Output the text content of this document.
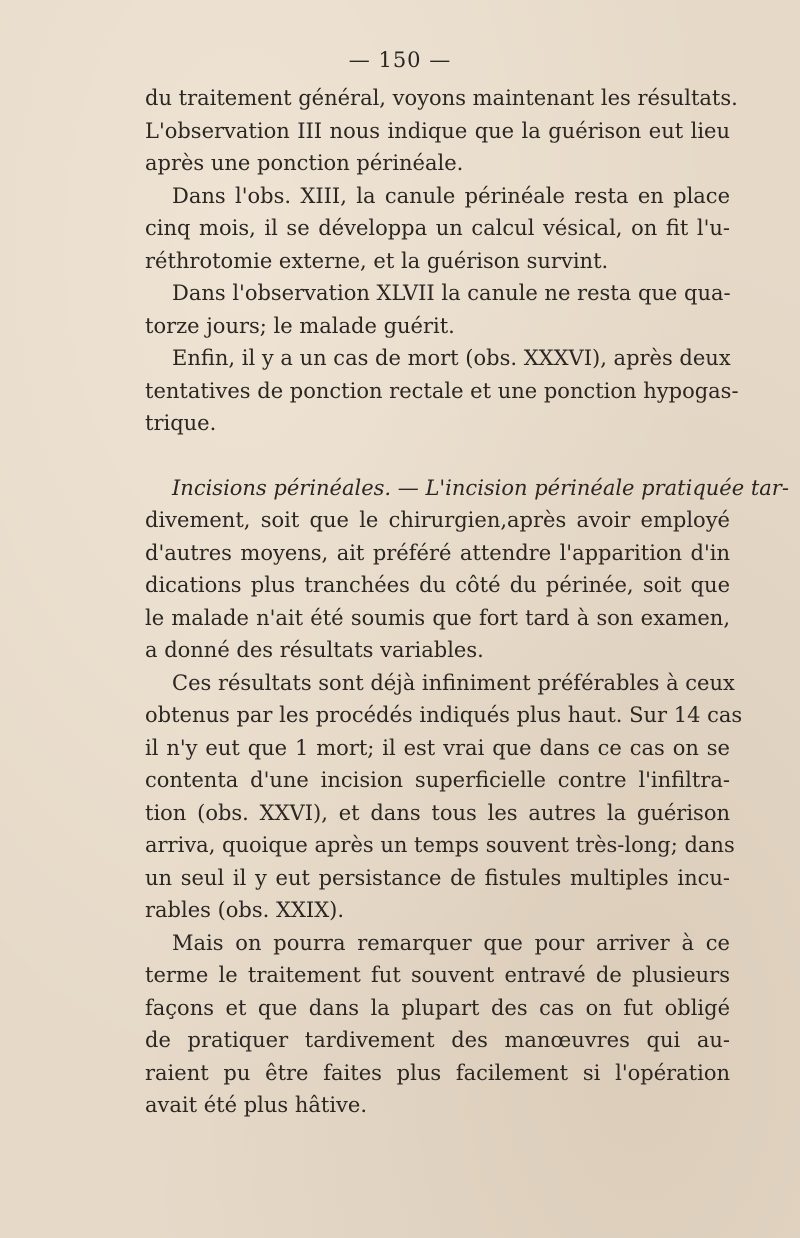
— 150 —
du traitement général, voyons maintenant les résultats.
L'observation III nous indique que la guérison eut lieu
après une ponction périnéale.
Dans l'obs. XIII, la canule périnéale resta en place
cinq mois, il se développa un calcul vésical, on fit l'u-
réthrotomie externe, et la guérison survint.
Dans l'observation XLVII la canule ne resta que qua-
torze jours; le malade guérit.
Enfin, il y a un cas de mort (obs. XXXVI), après deux
tentatives de ponction rectale et une ponction hypogas-
trique.
Incisions périnéales. — L'incision périnéale pratiquée tar-
divement, soit que le chirurgien,après avoir employé
d'autres moyens, ait préféré attendre l'apparition d'in
dications plus tranchées du côté du périnée, soit que
le malade n'ait été soumis que fort tard à son examen,
a donné des résultats variables.
Ces résultats sont déjà infiniment préférables à ceux
obtenus par les procédés indiqués plus haut. Sur 14 cas
il n'y eut que 1 mort; il est vrai que dans ce cas on se
contenta d'une incision superficielle contre l'infiltra-
tion (obs. XXVI), et dans tous les autres la guérison
arriva, quoique après un temps souvent très-long; dans
un seul il y eut persistance de fistules multiples incu-
rables (obs. XXIX).
Mais on pourra remarquer que pour arriver à ce
terme le traitement fut souvent entravé de plusieurs
façons et que dans la plupart des cas on fut obligé
de pratiquer tardivement des manœuvres qui au-
raient pu être faites plus facilement si l'opération
avait été plus hâtive.
